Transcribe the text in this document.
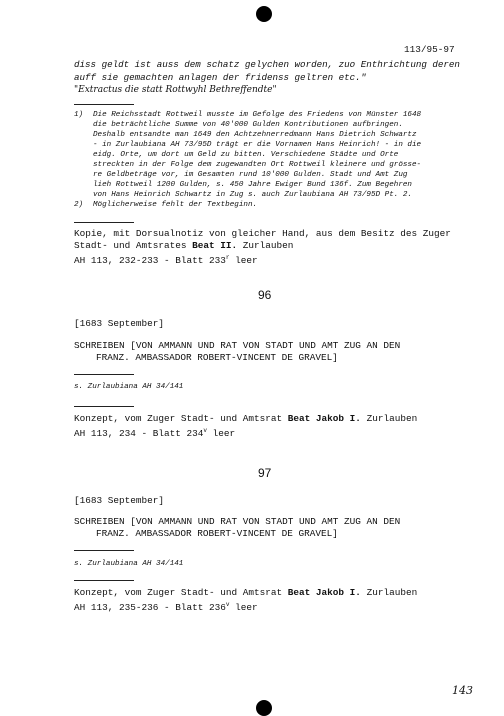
113/95-97
diss geldt ist auss dem schatz gelychen worden, zuo Enthrichtung deren
auff sie gemachten anlagen der fridenss geltren etc."
"Extractus die statt Rottwyhl Bethreffendte"
1) Die Reichsstadt Rottweil musste im Gefolge des Friedens von Münster 1648
die beträchtliche Summe von 40'000 Gulden Kontributionen aufbringen.
Deshalb entsandte man 1649 den Achtzehnerredmann Hans Dietrich Schwartz
- in Zurlaubiana AH 73/95D trägt er die Vornamen Hans Heinrich! - in die
eidg. Orte, um dort um Geld zu bitten. Verschiedene Städte und Orte
streckten in der Folge dem zugewandten Ort Rottweil kleinere und grösse-
re Geldbeträge vor, im Gesamten rund 10'000 Gulden. Stadt und Amt Zug
lieh Rottweil 1200 Gulden, s. 450 Jahre Ewiger Bund 136f. Zum Begehren
von Hans Heinrich Schwartz in Zug s. auch Zurlaubiana AH 73/95D Pt. 2.
2) Möglicherweise fehlt der Textbeginn.
Kopie, mit Dorsualnotiz von gleicher Hand, aus dem Besitz des Zuger
Stadt- und Amtsrates Beat II. Zurlauben
AH 113, 232-233 - Blatt 233$^r$ leer
96
[1683 September]
SCHREIBEN [VON AMMANN UND RAT VON STADT UND AMT ZUG AN DEN
FRANZ. AMBASSADOR ROBERT-VINCENT DE GRAVEL]
s. Zurlaubiana AH 34/141
Konzept, vom Zuger Stadt- und Amtsrat Beat Jakob I. Zurlauben
AH 113, 234 - Blatt 234$^v$ leer
97
[1683 September]
SCHREIBEN [VON AMMANN UND RAT VON STADT UND AMT ZUG AN DEN
FRANZ. AMBASSADOR ROBERT-VINCENT DE GRAVEL]
s. Zurlaubiana AH 34/141
Konzept, vom Zuger Stadt- und Amtsrat Beat Jakob I. Zurlauben
AH 113, 235-236 - Blatt 236$^v$ leer
143
